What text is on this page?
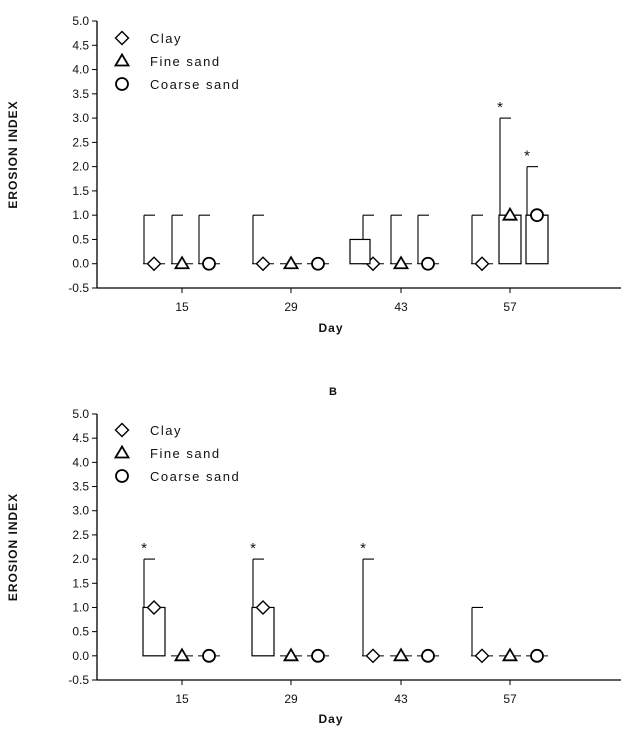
-0.5
0.0
0.5
1.0
1.5
2.0
2.5
3.0
3.5
4.0
4.5
5.0
EROSION INDEX
15	29	43	57
Day
*
*
Clay
Fine sand
Coarse sand
B
-0.5
0.0
0.5
1.0
1.5
2.0
2.5
3.0
3.5
4.0
4.5
5.0
EROSION INDEX
15	29	43	57
Day
*	*	*
Clay
Fine sand
Coarse sand
